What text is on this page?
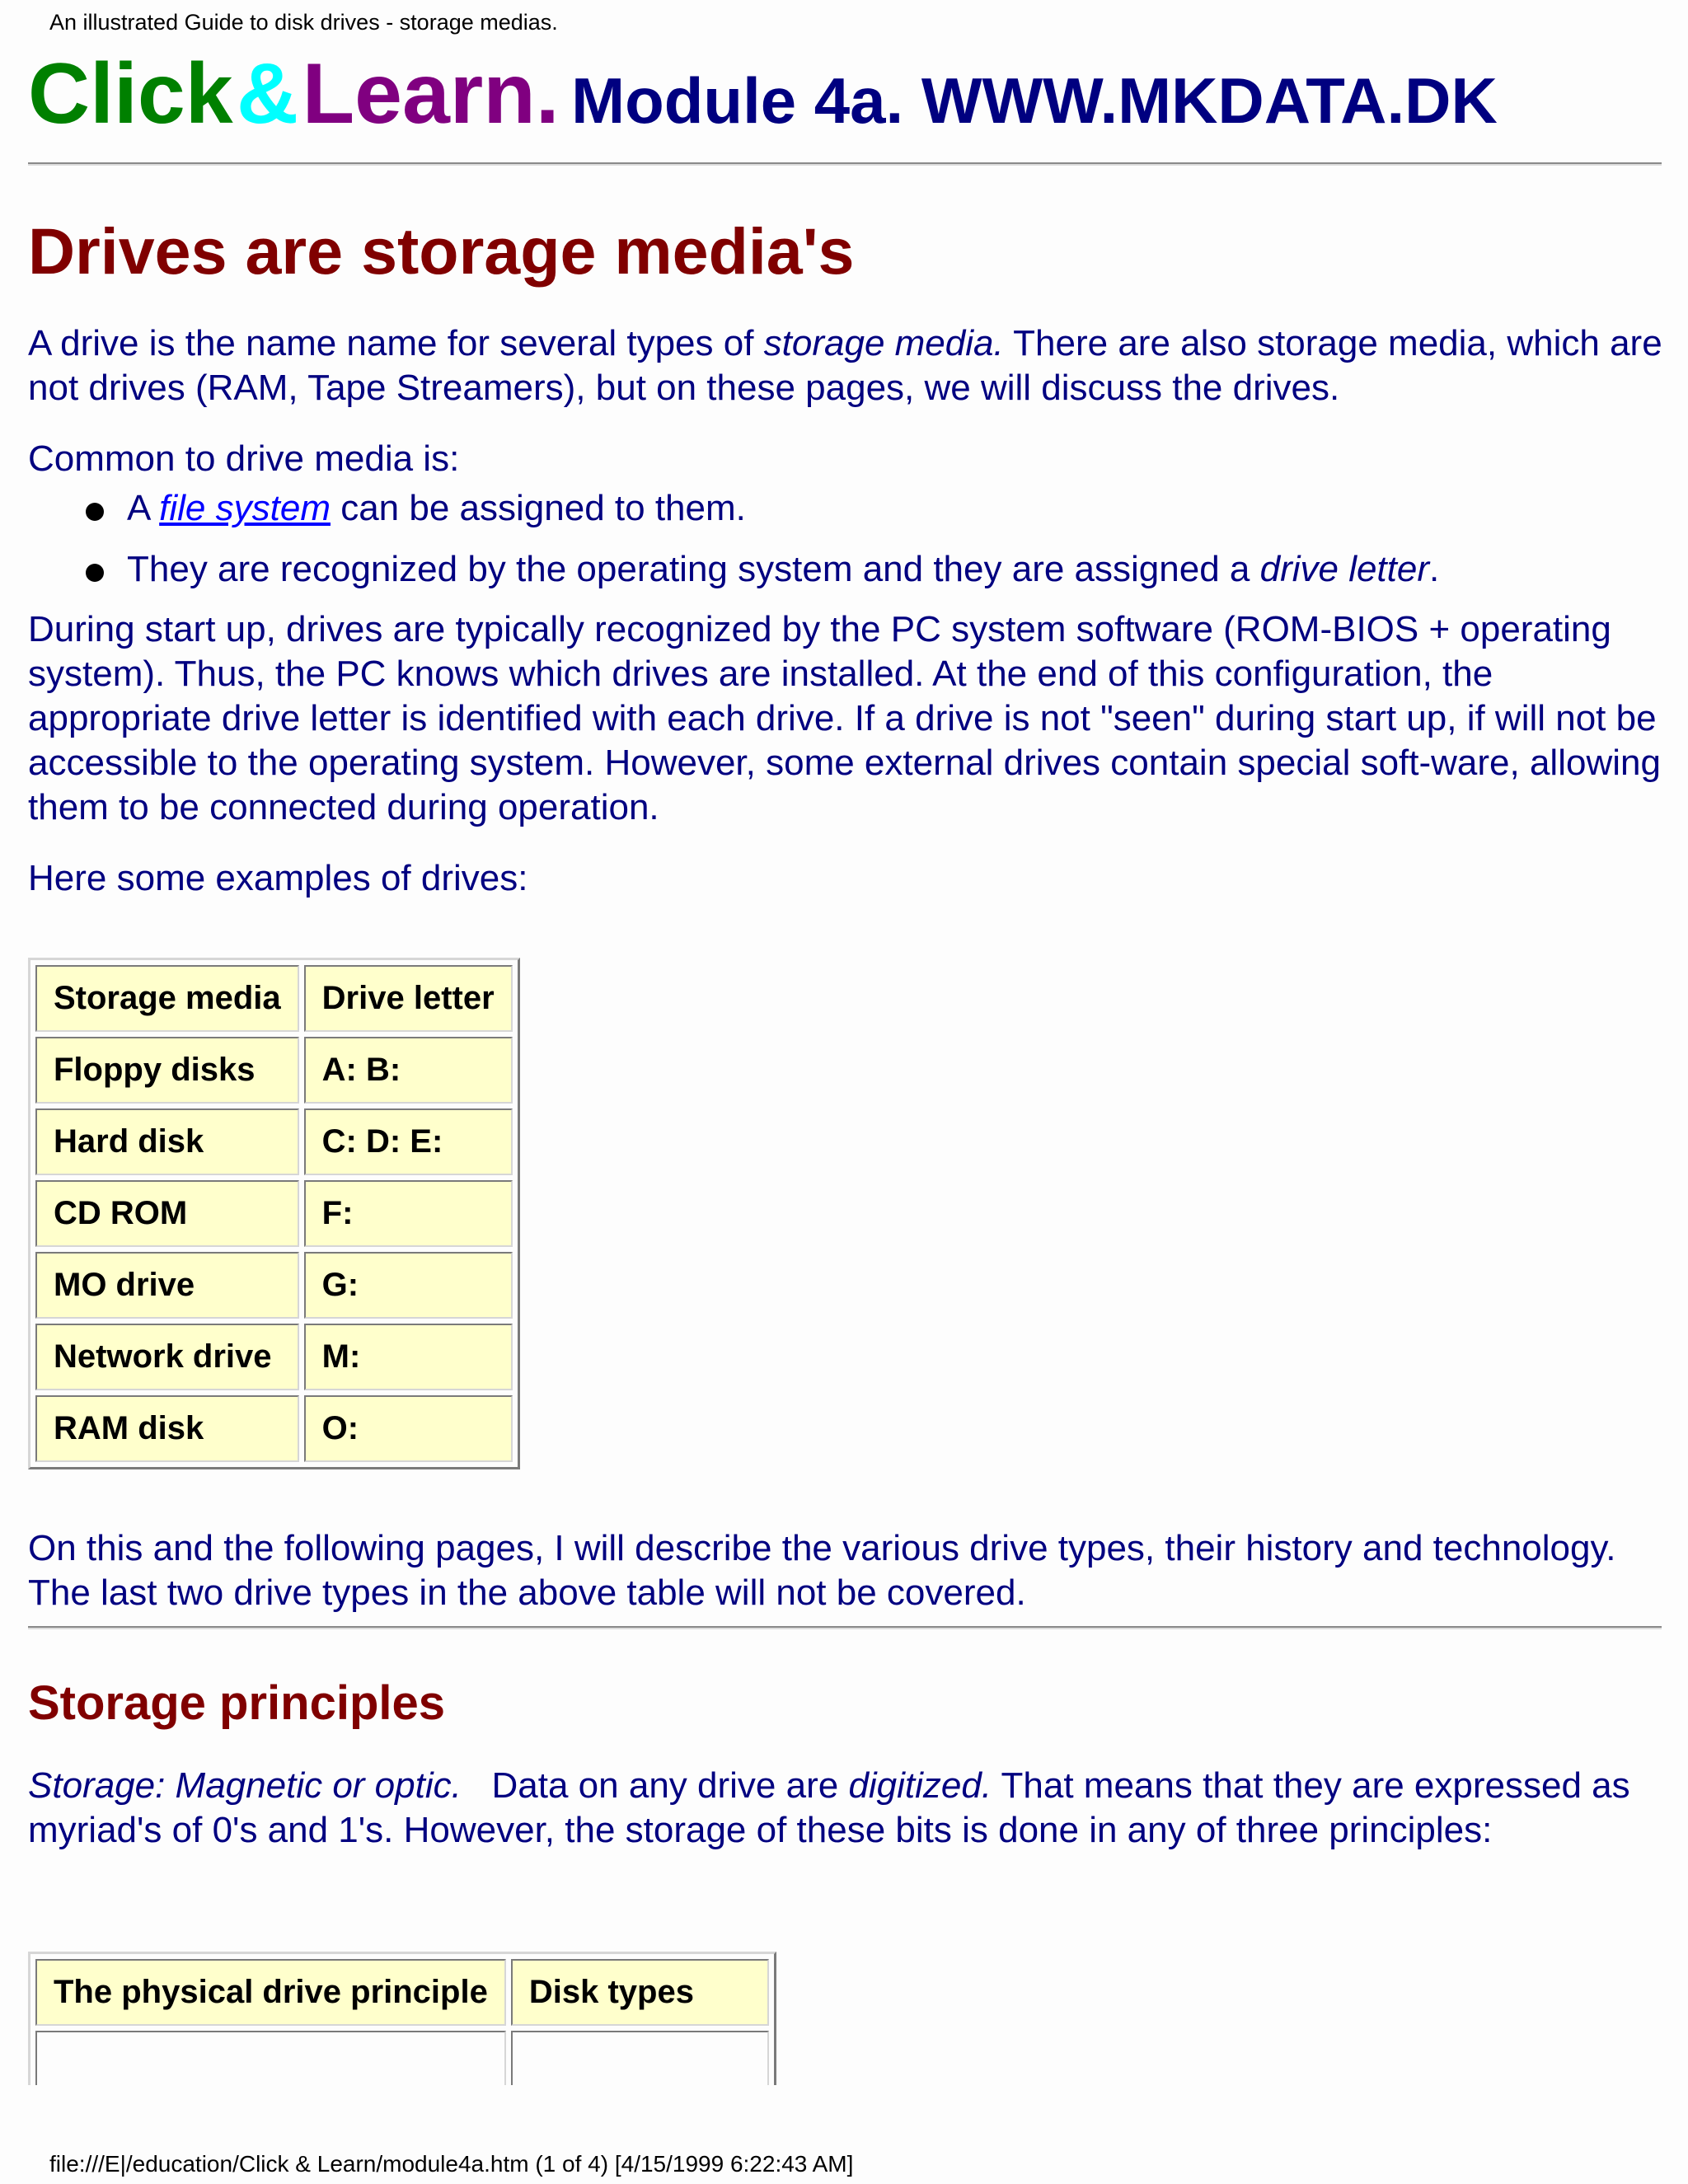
An illustrated Guide to disk drives - storage medias.

Click & Learn. Module 4a. WWW.MKDATA.DK
Drives are storage media's

A drive is the name name for several types of storage media. There are also storage media, which are not drives (RAM, Tape Streamers), but on these pages, we will discuss the drives.

Common to drive media is:

A file system can be assigned to them.
They are recognized by the operating system and they are assigned a drive letter.

During start up, drives are typically recognized by the PC system software (ROM-BIOS + operating system). Thus, the PC knows which drives are installed. At the end of this configuration, the appropriate drive letter is identified with each drive. If a drive is not "seen" during start up, if will not be accessible to the operating system. However, some external drives contain special soft-ware, allowing them to be connected during operation.

Here some examples of drives:

Storage media	Drive letter
Floppy disks	A: B:
Hard disk	C: D: E:
CD ROM	F:
MO drive	G:
Network drive	M:
RAM disk	O:

On this and the following pages, I will describe the various drive types, their history and technology. The last two drive types in the above table will not be covered.

Storage principles

Storage: Magnetic or optic.   Data on any drive are digitized. That means that they are expressed as myriad's of 0's and 1's. However, the storage of these bits is done in any of three principles:

The physical drive principle	Disk types

file:///E|/education/Click & Learn/module4a.htm (1 of 4) [4/15/1999 6:22:43 AM]
